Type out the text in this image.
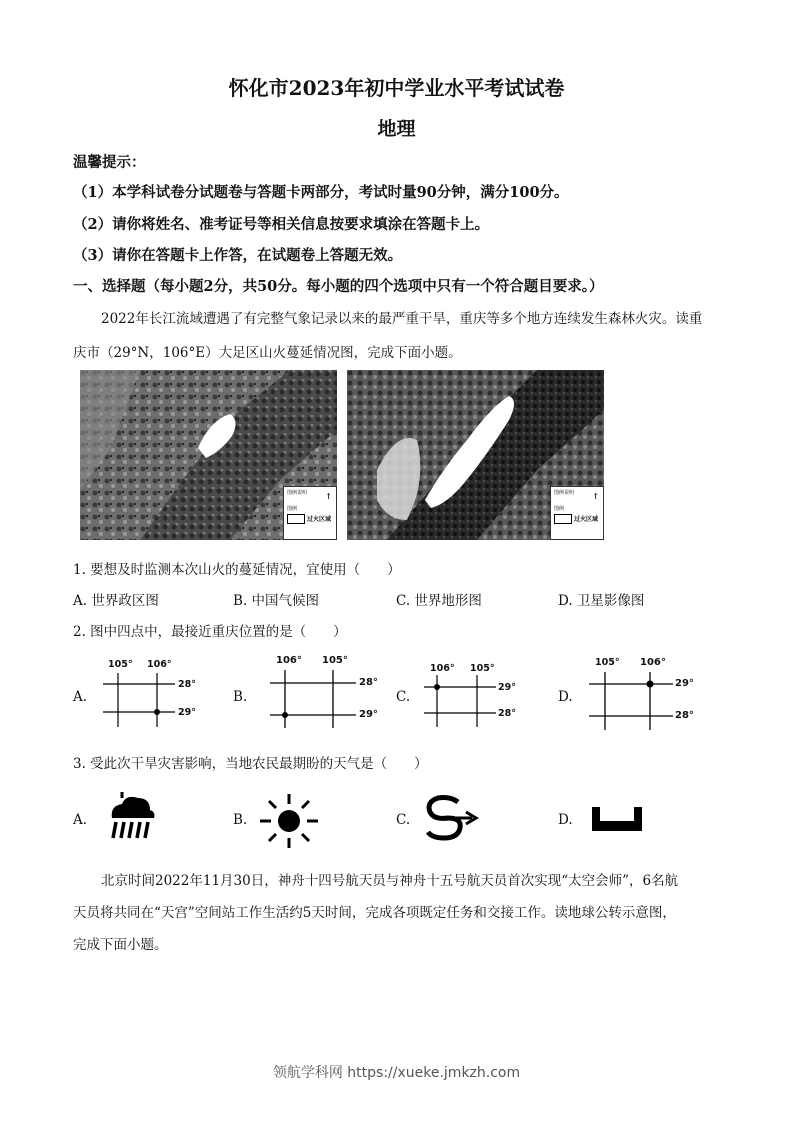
怀化市2023年初中学业水平考试试卷
地理
温馨提示：
（1）本学科试卷分试题卷与答题卡两部分，考试时量90分钟，满分100分。
（2）请你将姓名、准考证号等相关信息按要求填涂在答题卡上。
（3）请你在答题卡上作答，在试题卷上答题无效。
一、选择题（每小题2分，共50分。每小题的四个选项中只有一个符合题目要求。）
2022年长江流域遭遇了有完整气象记录以来的最严重干旱，重庆等多个地方连续发生森林火灾。读重
庆市（29°N，106°E）大足区山火蔓延情况图，完成下面小题。
图例说明 ↑
图例
过火区域
图例说明 ↑
图例
过火区域
1. 要想及时监测本次山火的蔓延情况，宜使用（　　）
A. 世界政区图	B. 中国气候图	C. 世界地形图	D. 卫星影像图
2. 图中四点中，最接近重庆位置的是（　　）
A.
105° 106°
28°
29°
B.
106° 105°
28°
29°
C.
106° 105°
29°
28°
D.
105° 106°
29°
28°
3. 受此次干旱灾害影响，当地农民最期盼的天气是（　　）
A.	B.	C.	D.
北京时间2022年11月30日，神舟十四号航天员与神舟十五号航天员首次实现“太空会师”，6名航
天员将共同在“天宫”空间站工作生活约5天时间，完成各项既定任务和交接工作。读地球公转示意图，
完成下面小题。
领航学科网 https://xueke.jmkzh.com
